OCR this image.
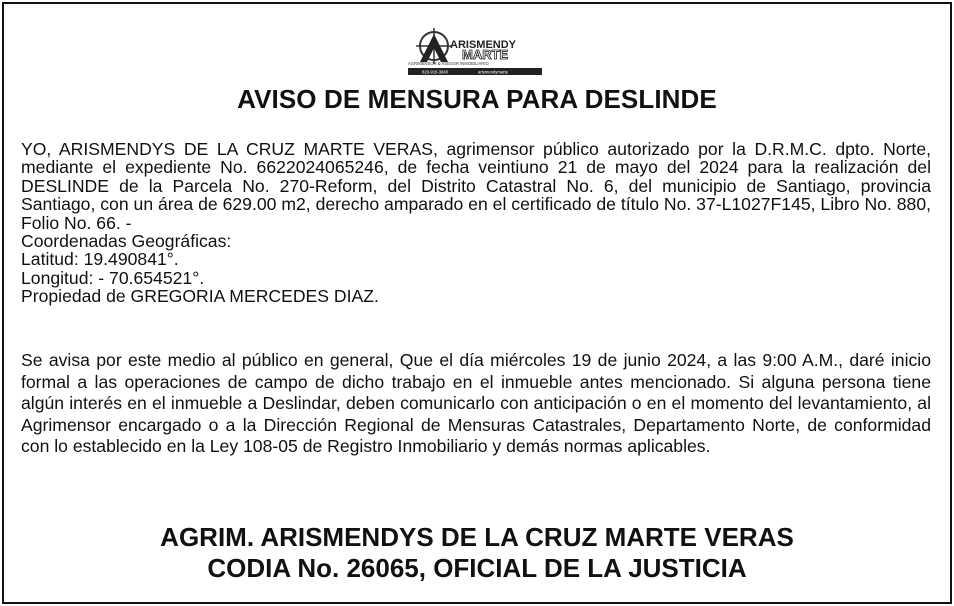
ARISMENDY
MARTE
AGRIMENSOR & ASESOR INMOBILIARIO
829-916-3840	arismendymarte
AVISO DE MENSURA PARA DESLINDE
YO, ARISMENDYS DE LA CRUZ MARTE VERAS, agrimensor público autorizado por la D.R.M.C. dpto. Norte, mediante el expediente No. 6622024065246, de fecha veintiuno 21 de mayo del 2024 para la realización del DESLINDE de la Parcela No. 270-Reform, del Distrito Catastral No. 6, del municipio de Santiago, provincia Santiago, con un área de 629.00 m2, derecho amparado en el certificado de título No. 37-L1027F145, Libro No. 880, Folio No. 66. -
Coordenadas Geográficas:
Latitud: 19.490841°.
Longitud: - 70.654521°.
Propiedad de GREGORIA MERCEDES DIAZ.

Se avisa por este medio al público en general, Que el día miércoles 19 de junio 2024, a las 9:00 A.M., daré inicio formal a las operaciones de campo de dicho trabajo en el inmueble antes mencionado. Si alguna persona tiene algún interés en el inmueble a Deslindar, deben comunicarlo con anticipación o en el momento del levantamiento, al Agrimensor encargado o a la Dirección Regional de Mensuras Catastrales, Departamento Norte, de conformidad con lo establecido en la Ley 108-05 de Registro Inmobiliario y demás normas aplicables.

AGRIM. ARISMENDYS DE LA CRUZ MARTE VERAS
CODIA No. 26065, OFICIAL DE LA JUSTICIA
